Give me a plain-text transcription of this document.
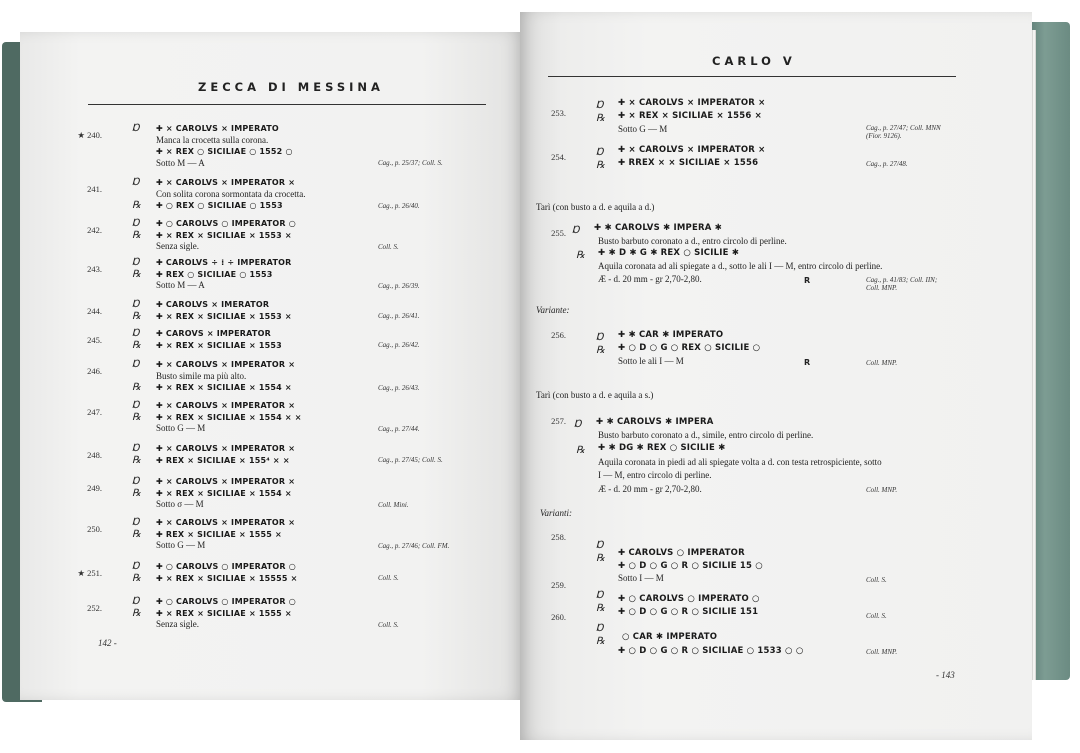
ZECCA DI MESSINA
★ 240.
Ɒ ✚ × CAROLVS × IMPERATO
Manca la crocetta sulla corona.
✚ × REX ○ SICILIAE ○ 1552 ○
Sotto M — A	Cag., p. 25/37; Coll. S.
241.
Ɒ ✚ × CAROLVS × IMPERATOR ×
Con solita corona sormontata da crocetta.
℞ ✚ ○ REX ○ SICILIAE ○ 1553	Cag., p. 26/40.
242.
Ɒ ✚ ○ CAROLVS ○ IMPERATOR ○
℞ ✚ × REX × SICILIAE × 1553 ×
Senza sigle.	Coll. S.
243.
Ɒ ✚ CAROLVS ÷ ⁞ ÷ IMPERATOR
℞ ✚ REX ○ SICILIAE ○ 1553
Sotto M — A	Cag., p. 26/39.
244.
Ɒ ✚ CAROLVS × IMERATOR
℞ ✚ × REX × SICILIAE × 1553 ×	Cag., p. 26/41.
245.
Ɒ ✚ CAROVS × IMPERATOR
℞ ✚ × REX × SICILIAE × 1553	Cag., p. 26/42.
246.
Ɒ ✚ × CAROLVS × IMPERATOR ×
Busto simile ma più alto.
℞ ✚ × REX × SICILIAE × 1554 ×	Cag., p. 26/43.
247.
Ɒ ✚ × CAROLVS × IMPERATOR ×
℞ ✚ × REX × SICILIAE × 1554 × ×
Sotto G — M	Cag., p. 27/44.
248.
Ɒ ✚ × CAROLVS × IMPERATOR ×
℞ ✚ REX × SICILIAE × 155⁴ × ×	Cag., p. 27/45; Coll. S.
249.
Ɒ ✚ × CAROLVS × IMPERATOR ×
℞ ✚ × REX × SICILIAE × 1554 ×
Sotto σ — M	Coll. Mini.
250.
Ɒ ✚ × CAROLVS × IMPERATOR ×
℞ ✚ REX × SICILIAE × 1555 ×
Sotto G — M	Cag., p. 27/46; Coll. FM.
★ 251.
Ɒ ✚ ○ CAROLVS ○ IMPERATOR ○
℞ ✚ × REX × SICILIAE × 15555 ×	Coll. S.
252.
Ɒ ✚ ○ CAROLVS ○ IMPERATOR ○
℞ ✚ × REX × SICILIAE × 1555 ×
Senza sigle.	Coll. S.
142 -
CARLO V
253.
Ɒ ✚ × CAROLVS × IMPERATOR ×
℞ ✚ × REX × SICILIAE × 1556 ×
Sotto G — M	Cag., p. 27/47; Coll. MNN
(Fior. 9126).
254.	Ɒ ✚ × CAROLVS × IMPERATOR ×
℞ ✚ RREX × × SICILIAE × 1556	Cag., p. 27/48.
Tarì (con busto a d. e aquila a d.)
255. Ɒ ✚ ✱ CAROLVS ✱ IMPERA ✱
Busto barbuto coronato a d., entro circolo di perline.
℞ ✚ ✱ D ✱ G ✱ REX ○ SICILIE ✱
Aquila coronata ad ali spiegate a d., sotto le ali I — M, entro circolo di perline.
Æ - d. 20 mm - gr 2,70-2,80.	R	Cag., p. 41/83; Coll. IIN;
Coll. MNP.
Variante:
256.	Ɒ ✚ ✱ CAR ✱ IMPERATO
℞ ✚ ○ D ○ G ○ REX ○ SICILIE ○
Sotto le ali I — M	R	Coll. MNP.
Tarì (con busto a d. e aquila a s.)
257. Ɒ ✚ ✱ CAROLVS ✱ IMPERA
Busto barbuto coronato a d., simile, entro circolo di perline.
℞ ✚ ✱ DG ✱ REX ○ SICILIE ✱
Aquila coronata in piedi ad ali spiegate volta a d. con testa retrospiciente, sotto
I — M, entro circolo di perline.
Æ - d. 20 mm - gr 2,70-2,80.	Coll. MNP.
Varianti:
258.
Ɒ
✚ CAROLVS ○ IMPERATOR
℞
✚ ○ D ○ G ○ R ○ SICILIE 15 ○
Sotto I — M	Coll. S.
259.
Ɒ ✚ ○ CAROLVS ○ IMPERATO ○
℞ ✚ ○ D ○ G ○ R ○ SICILIE 151	Coll. S.
260.
Ɒ
○ CAR ✱ IMPERATO
℞
✚ ○ D ○ G ○ R ○ SICILIAE ○ 1533 ○ ○	Coll. MNP.
- 143
